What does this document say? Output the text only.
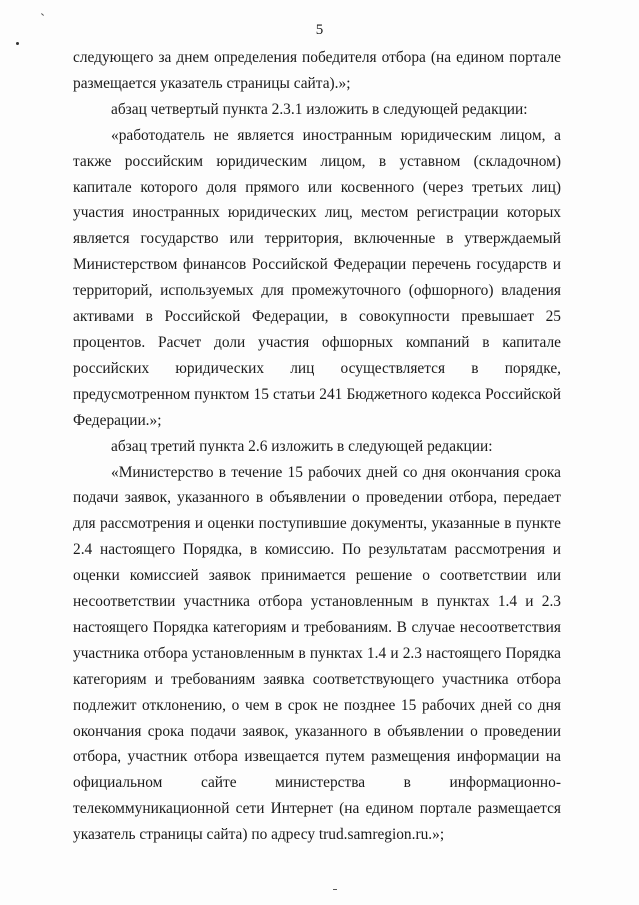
5

следующего за днем определения победителя отбора (на едином портале размещается указатель страницы сайта).»;

абзац четвертый пункта 2.3.1 изложить в следующей редакции:

«работодатель не является иностранным юридическим лицом, а также российским юридическим лицом, в уставном (складочном) капитале которого доля прямого или косвенного (через третьих лиц) участия иностранных юридических лиц, местом регистрации которых является государство или территория, включенные в утверждаемый Министерством финансов Российской Федерации перечень государств и территорий, используемых для промежуточного (офшорного) владения активами в Российской Федерации, в совокупности превышает 25 процентов. Расчет доли участия офшорных компаний в капитале российских юридических лиц осуществляется в порядке, предусмотренном пунктом 15 статьи 241 Бюджетного кодекса Российской Федерации.»;

абзац третий пункта 2.6 изложить в следующей редакции:

«Министерство в течение 15 рабочих дней со дня окончания срока подачи заявок, указанного в объявлении о проведении отбора, передает для рассмотрения и оценки поступившие документы, указанные в пункте 2.4 настоящего Порядка, в комиссию. По результатам рассмотрения и оценки комиссией заявок принимается решение о соответствии или несоответствии участника отбора установленным в пунктах 1.4 и 2.3 настоящего Порядка категориям и требованиям. В случае несоответствия участника отбора установленным в пунктах 1.4 и 2.3 настоящего Порядка категориям и требованиям заявка соответствующего участника отбора подлежит отклонению, о чем в срок не позднее 15 рабочих дней со дня окончания срока подачи заявок, указанного в объявлении о проведении отбора, участник отбора извещается путем размещения информации на официальном сайте министерства в информационно-телекоммуникационной сети Интернет (на едином портале размещается указатель страницы сайта) по адресу trud.samregion.ru.»;
